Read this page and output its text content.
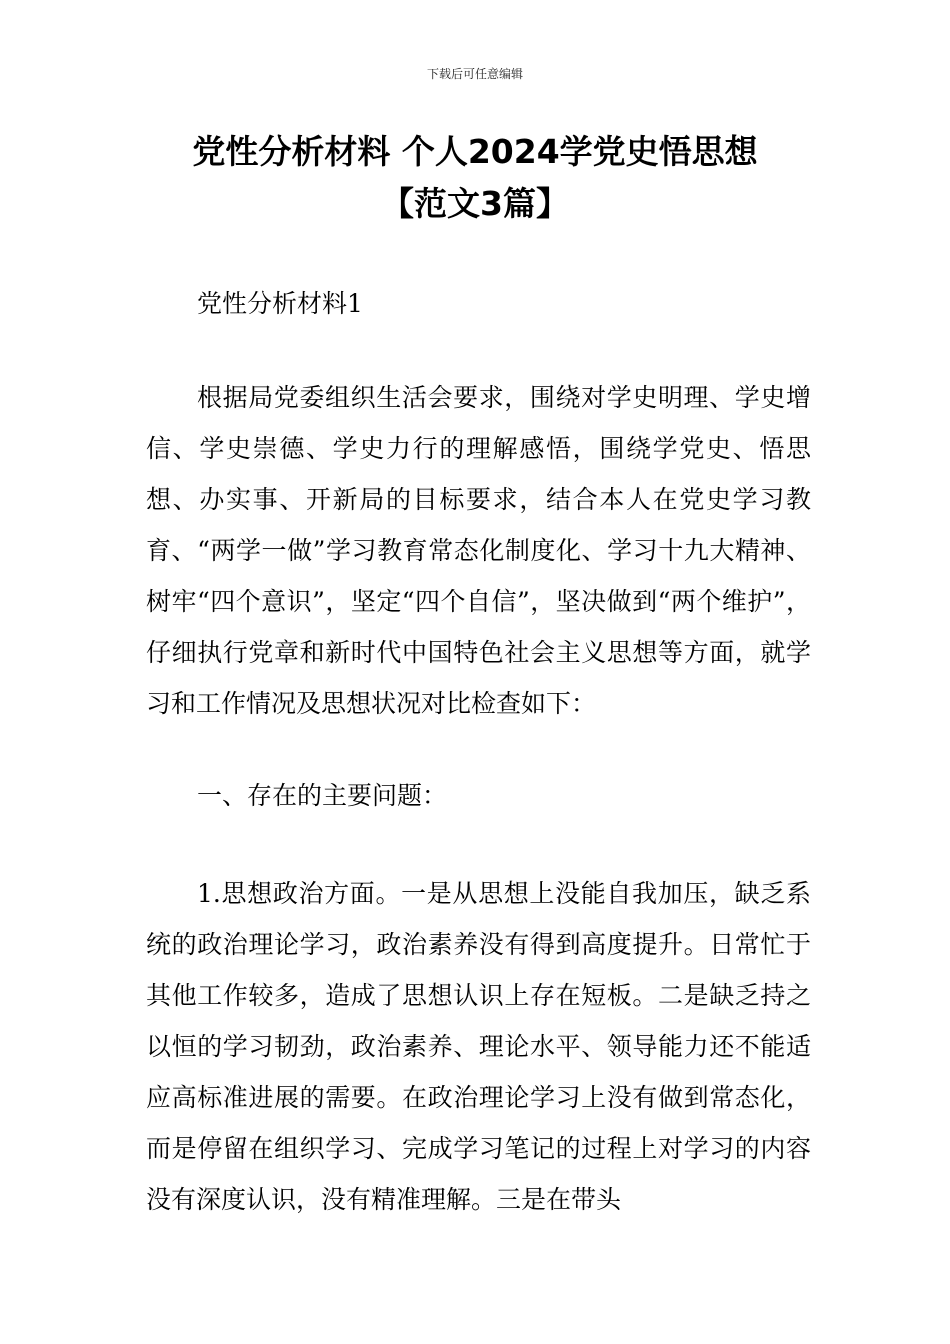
下载后可任意编辑
党性分析材料 个人2024学党史悟思想
【范文3篇】

党性分析材料1

根据局党委组织生活会要求，围绕对学史明理、学史增信、学史崇德、学史力行的理解感悟，围绕学党史、悟思想、办实事、开新局的目标要求，结合本人在党史学习教育、“两学一做”学习教育常态化制度化、学习十九大精神、树牢“四个意识”，坚定“四个自信”，坚决做到“两个维护”，仔细执行党章和新时代中国特色社会主义思想等方面，就学习和工作情况及思想状况对比检查如下：

一、存在的主要问题：

1.思想政治方面。一是从思想上没能自我加压，缺乏系统的政治理论学习，政治素养没有得到高度提升。日常忙于其他工作较多，造成了思想认识上存在短板。二是缺乏持之以恒的学习韧劲，政治素养、理论水平、领导能力还不能适应高标准进展的需要。在政治理论学习上没有做到常态化，而是停留在组织学习、完成学习笔记的过程上对学习的内容没有深度认识，没有精准理解。三是在带头
